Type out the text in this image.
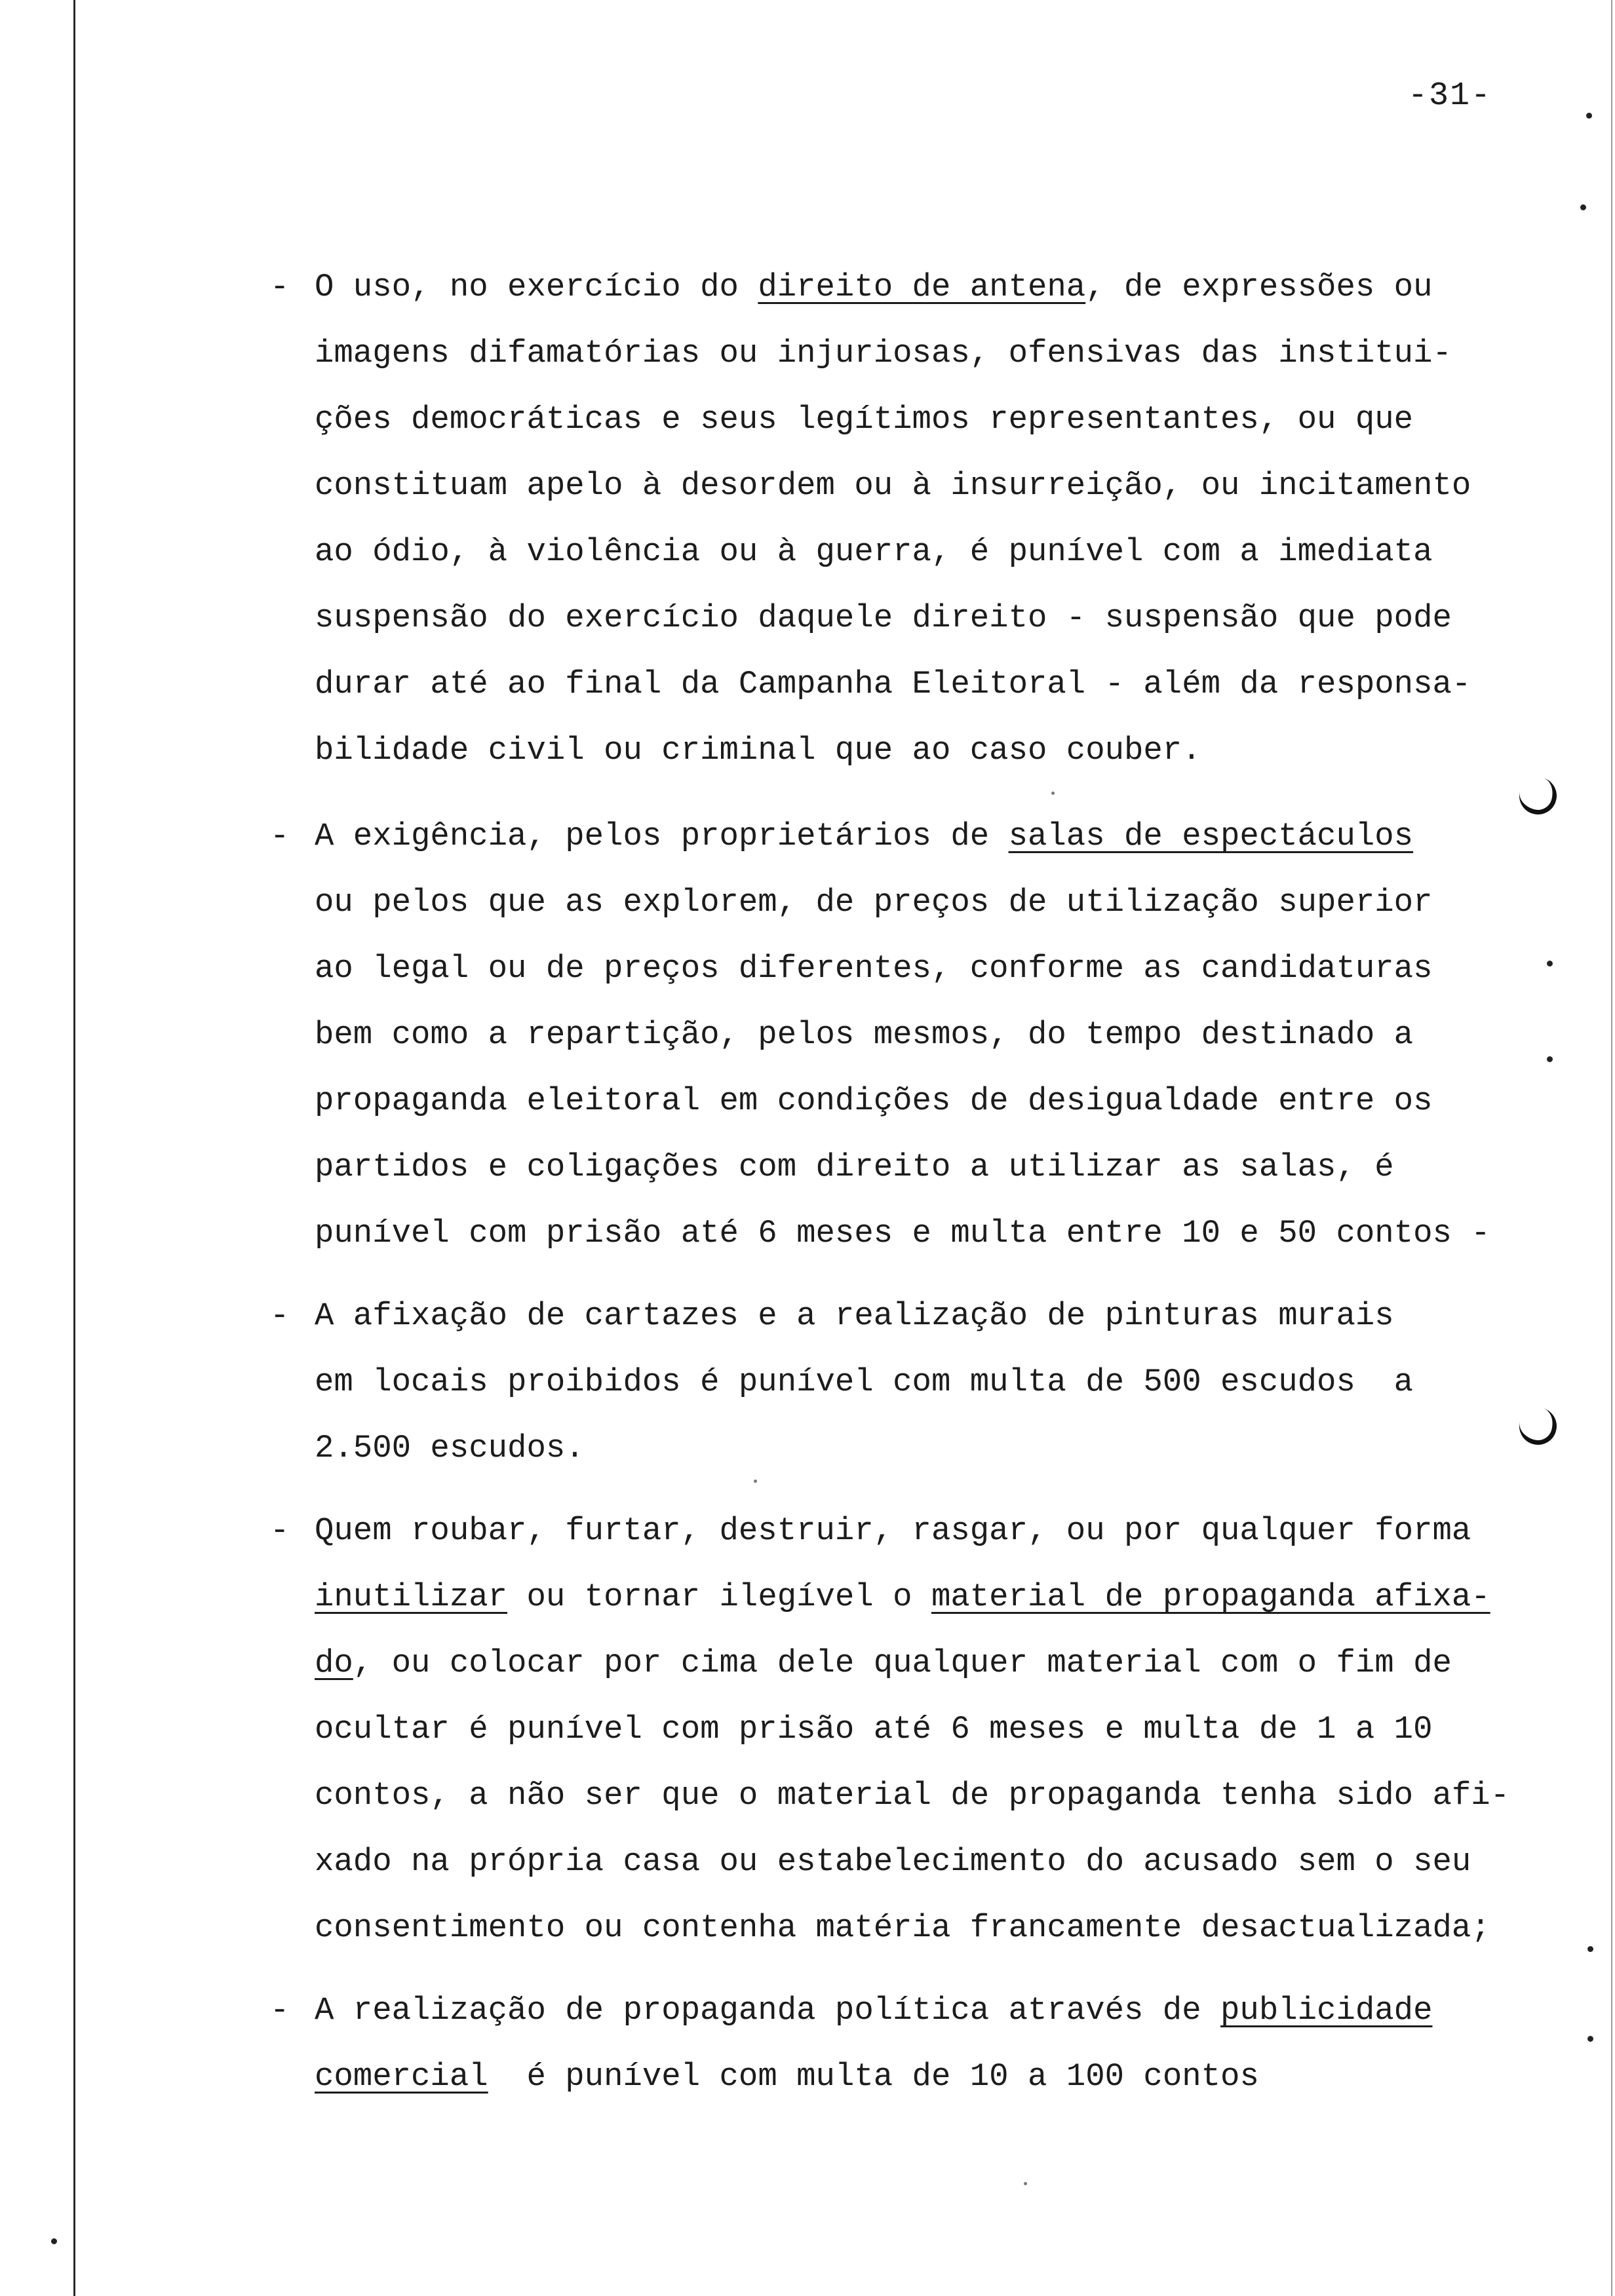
-31-
- O uso, no exercício do direito de antena, de expressões ou
imagens difamatórias ou injuriosas, ofensivas das institui-
ções democráticas e seus legítimos representantes, ou que
constituam apelo à desordem ou à insurreição, ou incitamento
ao ódio, à violência ou à guerra, é punível com a imediata
suspensão do exercício daquele direito - suspensão que pode
durar até ao final da Campanha Eleitoral - além da responsa-
bilidade civil ou criminal que ao caso couber.
- A exigência, pelos proprietários de salas de espectáculos
ou pelos que as explorem, de preços de utilização superior
ao legal ou de preços diferentes, conforme as candidaturas
bem como a repartição, pelos mesmos, do tempo destinado a
propaganda eleitoral em condições de desigualdade entre os
partidos e coligações com direito a utilizar as salas, é
punível com prisão até 6 meses e multa entre 10 e 50 contos -
- A afixação de cartazes e a realização de pinturas murais
em locais proibidos é punível com multa de 500 escudos  a
2.500 escudos.
- Quem roubar, furtar, destruir, rasgar, ou por qualquer forma
inutilizar ou tornar ilegível o material de propaganda afixa-
do, ou colocar por cima dele qualquer material com o fim de
ocultar é punível com prisão até 6 meses e multa de 1 a 10
contos, a não ser que o material de propaganda tenha sido afi-
xado na própria casa ou estabelecimento do acusado sem o seu
consentimento ou contenha matéria francamente desactualizada;
- A realização de propaganda política através de publicidade
comercial  é punível com multa de 10 a 100 contos
